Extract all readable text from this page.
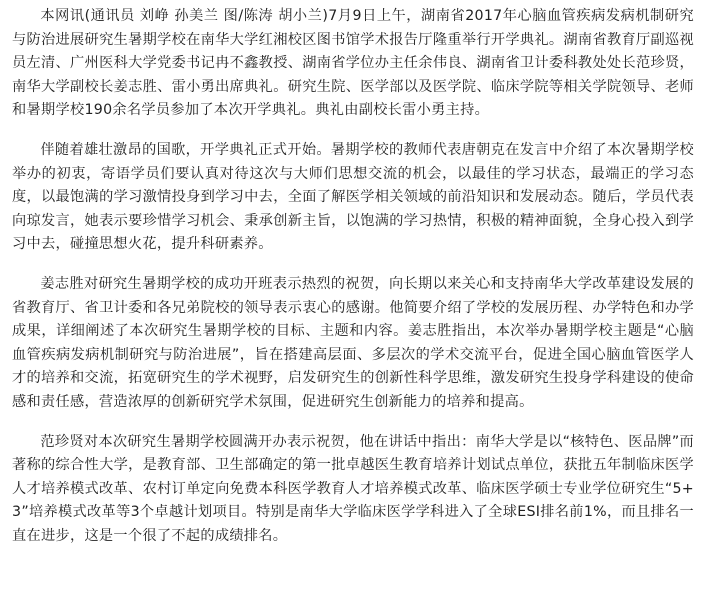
本网讯(通讯员 刘峥 孙美兰 图/陈涛 胡小兰)7月9日上午，湖南省2017年心脑血管疾病发病机制研究与防治进展研究生暑期学校在南华大学红湘校区图书馆学术报告厅隆重举行开学典礼。湖南省教育厅副巡视员左清、广州医科大学党委书记冉不鑫教授、湖南省学位办主任余伟良、湖南省卫计委科教处处长范珍贤，南华大学副校长姜志胜、雷小勇出席典礼。研究生院、医学部以及医学院、临床学院等相关学院领导、老师和暑期学校190余名学员参加了本次开学典礼。典礼由副校长雷小勇主持。

伴随着雄壮激昂的国歌，开学典礼正式开始。暑期学校的教师代表唐朝克在发言中介绍了本次暑期学校举办的初衷，寄语学员们要认真对待这次与大师们思想交流的机会，以最佳的学习状态，最端正的学习态度，以最饱满的学习激情投身到学习中去，全面了解医学相关领域的前沿知识和发展动态。随后，学员代表向琼发言，她表示要珍惜学习机会、秉承创新主旨，以饱满的学习热情，积极的精神面貌，全身心投入到学习中去，碰撞思想火花，提升科研素养。

姜志胜对研究生暑期学校的成功开班表示热烈的祝贺，向长期以来关心和支持南华大学改革建设发展的省教育厅、省卫计委和各兄弟院校的领导表示衷心的感谢。他简要介绍了学校的发展历程、办学特色和办学成果，详细阐述了本次研究生暑期学校的目标、主题和内容。姜志胜指出，本次举办暑期学校主题是“心脑血管疾病发病机制研究与防治进展”，旨在搭建高层面、多层次的学术交流平台，促进全国心脑血管医学人才的培养和交流，拓宽研究生的学术视野，启发研究生的创新性科学思维，激发研究生投身学科建设的使命感和责任感，营造浓厚的创新研究学术氛围，促进研究生创新能力的培养和提高。

范珍贤对本次研究生暑期学校圆满开办表示祝贺，他在讲话中指出：南华大学是以“核特色、医品牌”而著称的综合性大学，是教育部、卫生部确定的第一批卓越医生教育培养计划试点单位，获批五年制临床医学人才培养模式改革、农村订单定向免费本科医学教育人才培养模式改革、临床医学硕士专业学位研究生“5+3”培养模式改革等3个卓越计划项目。特别是南华大学临床医学学科进入了全球ESI排名前1%，而且排名一直在进步，这是一个很了不起的成绩排名。
